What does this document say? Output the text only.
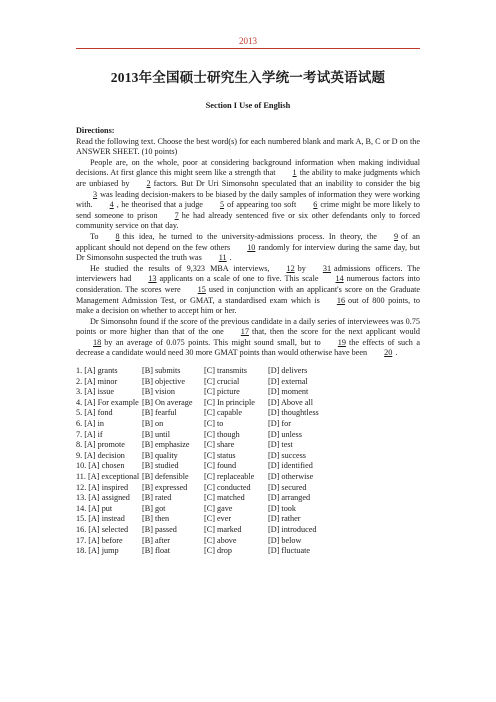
2013
2013年全国硕士研究生入学统一考试英语试题
Section I Use of English

Directions:

Read the following text. Choose the best word(s) for each numbered blank and mark A, B, C or D on the ANSWER SHEET. (10 points)

People are, on the whole, poor at considering background information when making individual decisions. At first glance this might seem like a strength that 1 the ability to make judgments which are unbiased by 2 factors. But Dr Uri Simonsohn speculated that an inability to consider the big3 was leading decision-makers to be biased by the daily samples of information they were working with. 4 , he theorised that a judge 5 of appearing too soft 6 crime might be more likely to send someone to prison 7 he had already sentenced five or six other defendants only to forced community service on that day.

To 8 this idea, he turned to the university-admissions process. In theory, the 9 of an applicant should not depend on the few others 10 randomly for interview during the same day, but Dr Simonsohn suspected the truth was 11 .

He studied the results of 9,323 MBA interviews, 12 by 31 admissions officers. The interviewers had 13 applicants on a scale of one to five. This scale 14 numerous factors into consideration. The scores were 15 used in conjunction with an applicant's score on the Graduate Management Admission Test, or GMAT, a standardised exam which is 16 out of 800 points, to make a decision on whether to accept him or her.

Dr Simonsohn found if the score of the previous candidate in a daily series of interviewees was 0.75 points or more higher than that of the one 17 that, then the score for the next applicant would18 by an average of 0.075 points. This might sound small, but to 19 the effects of such a decrease a candidate would need 30 more GMAT points than would otherwise have been 20 .

1. [A] grants	[B] submits	[C] transmits	[D] delivers
2. [A] minor	[B] objective	[C] crucial	[D] external
3. [A] issue	[B] vision	[C] picture	[D] moment
4. [A] For example [B] On average	[C] In principle	[D] Above all
5. [A] fond	[B] fearful	[C] capable	[D] thoughtless
6. [A] in	[B] on	[C] to	[D] for
7. [A] if	[B] until	[C] though	[D] unless
8. [A] promote	[B] emphasize	[C] share	[D] test
9. [A] decision	[B] quality	[C] status	[D] success
10. [A] chosen	[B] studied	[C] found	[D] identified
11. [A] exceptional [B] defensible	[C] replaceable	[D] otherwise
12. [A] inspired	[B] expressed	[C] conducted	[D] secured
13. [A] assigned	[B] rated	[C] matched	[D] arranged
14. [A] put	[B] got	[C] gave	[D] took
15. [A] instead	[B] then	[C] ever	[D] rather
16. [A] selected	[B] passed	[C] marked	[D] introduced
17. [A] before	[B] after	[C] above	[D] below
18. [A] jump	[B] float	[C] drop	[D] fluctuate
